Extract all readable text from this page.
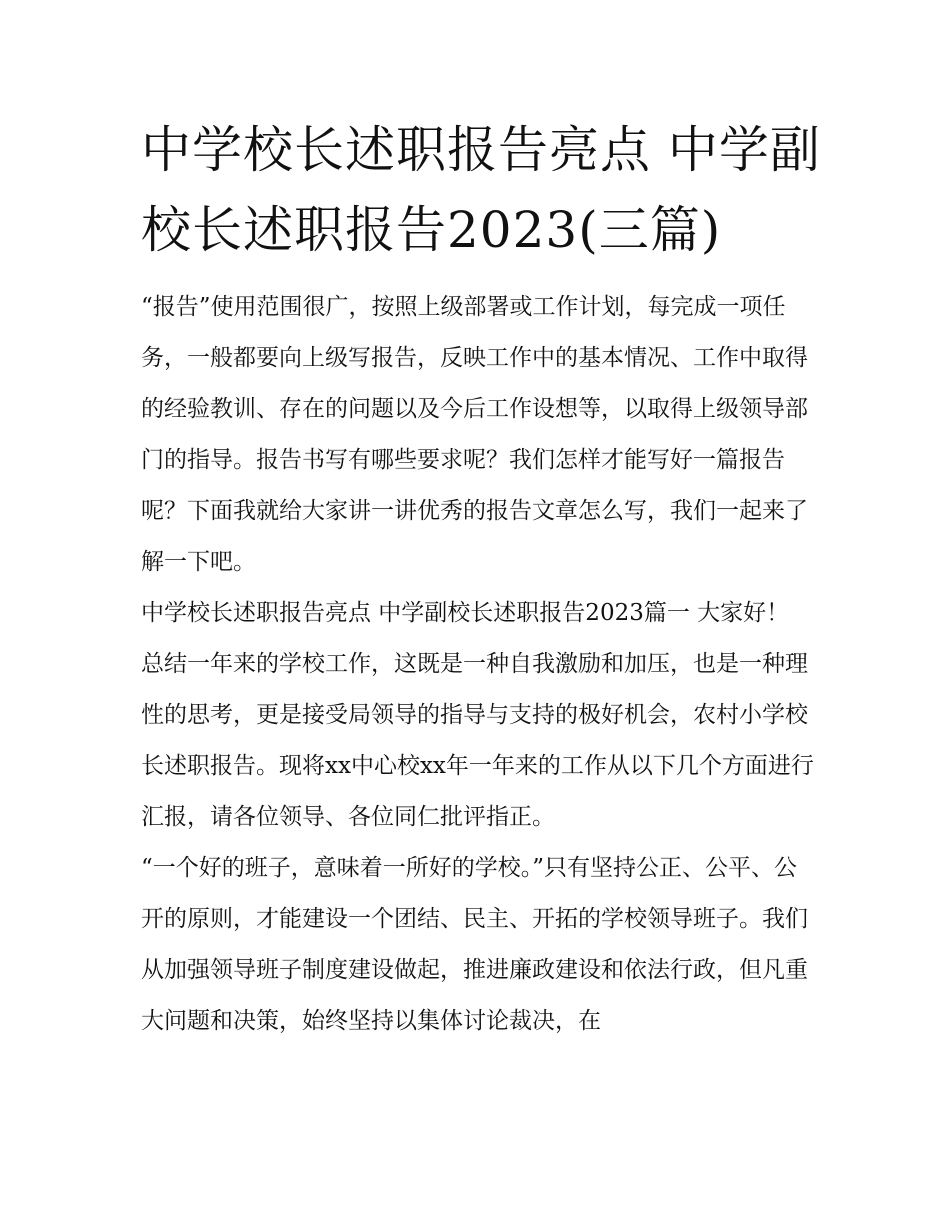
中学校长述职报告亮点 中学副校长述职报告2023(三篇)

“报告”使用范围很广，按照上级部署或工作计划，每完成一项任务，一般都要向上级写报告，反映工作中的基本情况、工作中取得的经验教训、存在的问题以及今后工作设想等，以取得上级领导部门的指导。报告书写有哪些要求呢？我们怎样才能写好一篇报告呢？下面我就给大家讲一讲优秀的报告文章怎么写，我们一起来了解一下吧。

中学校长述职报告亮点 中学副校长述职报告2023篇一 大家好！

总结一年来的学校工作，这既是一种自我激励和加压，也是一种理性的思考，更是接受局领导的指导与支持的极好机会，农村小学校长述职报告。现将xx中心校xx年一年来的工作从以下几个方面进行汇报，请各位领导、各位同仁批评指正。

“一个好的班子，意味着一所好的学校。”只有坚持公正、公平、公开的原则，才能建设一个团结、民主、开拓的学校领导班子。我们从加强领导班子制度建设做起，推进廉政建设和依法行政，但凡重大问题和决策，始终坚持以集体讨论裁决，在
